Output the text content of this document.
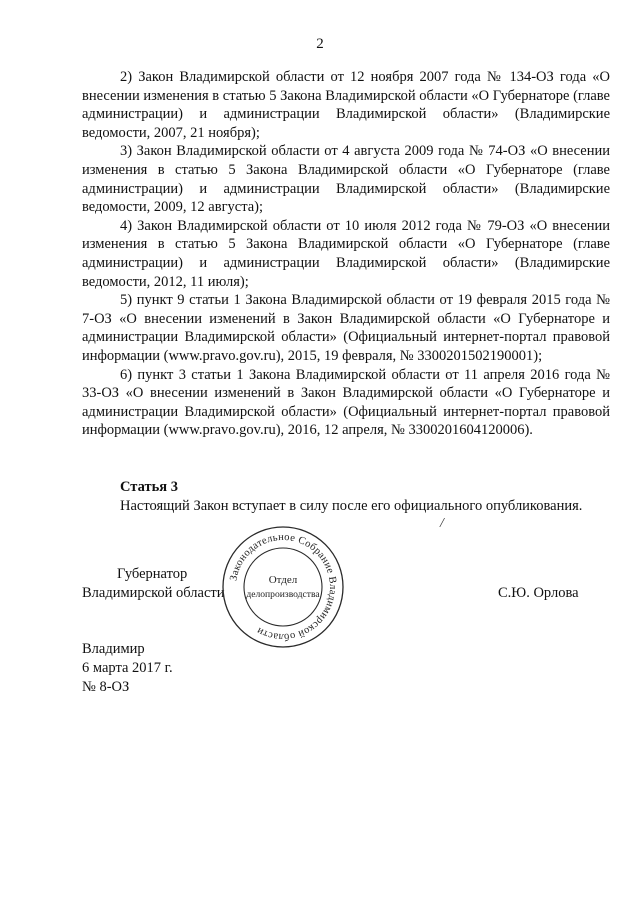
2

2) Закон Владимирской области от 12 ноября 2007 года № 134-ОЗ года «О внесении изменения в статью 5 Закона Владимирской области «О Губернаторе (главе администрации) и администрации Владимирской области» (Владимирские ведомости, 2007, 21 ноября);

3) Закон Владимирской области от 4 августа 2009 года № 74-ОЗ «О внесении изменения в статью 5 Закона Владимирской области «О Губернаторе (главе администрации) и администрации Владимирской области» (Владимирские ведомости, 2009, 12 августа);

4) Закон Владимирской области от 10 июля 2012 года № 79-ОЗ «О внесении изменения в статью 5 Закона Владимирской области «О Губернаторе (главе администрации) и администрации Владимирской области» (Владимирские ведомости, 2012, 11 июля);

5) пункт 9 статьи 1 Закона Владимирской области от 19 февраля 2015 года № 7-ОЗ «О внесении изменений в Закон Владимирской области «О Губернаторе и администрации Владимирской области» (Официальный интернет-портал правовой информации (www.pravo.gov.ru), 2015, 19 февраля, № 3300201502190001);

6) пункт 3 статьи 1 Закона Владимирской области от 11 апреля 2016 года № 33-ОЗ «О внесении изменений в Закон Владимирской области «О Губернаторе и администрации Владимирской области» (Официальный интернет-портал правовой информации (www.pravo.gov.ru), 2016, 12 апреля, № 3300201604120006).

Статья 3
Настоящий Закон вступает в силу после его официального опубликования.
/
Губернатор
Владимирской области	С.Ю. Орлова
Законодательное Собрание Владимирской области
Отдел
делопроизводства
Владимир
6 марта 2017 г.
№ 8-ОЗ
